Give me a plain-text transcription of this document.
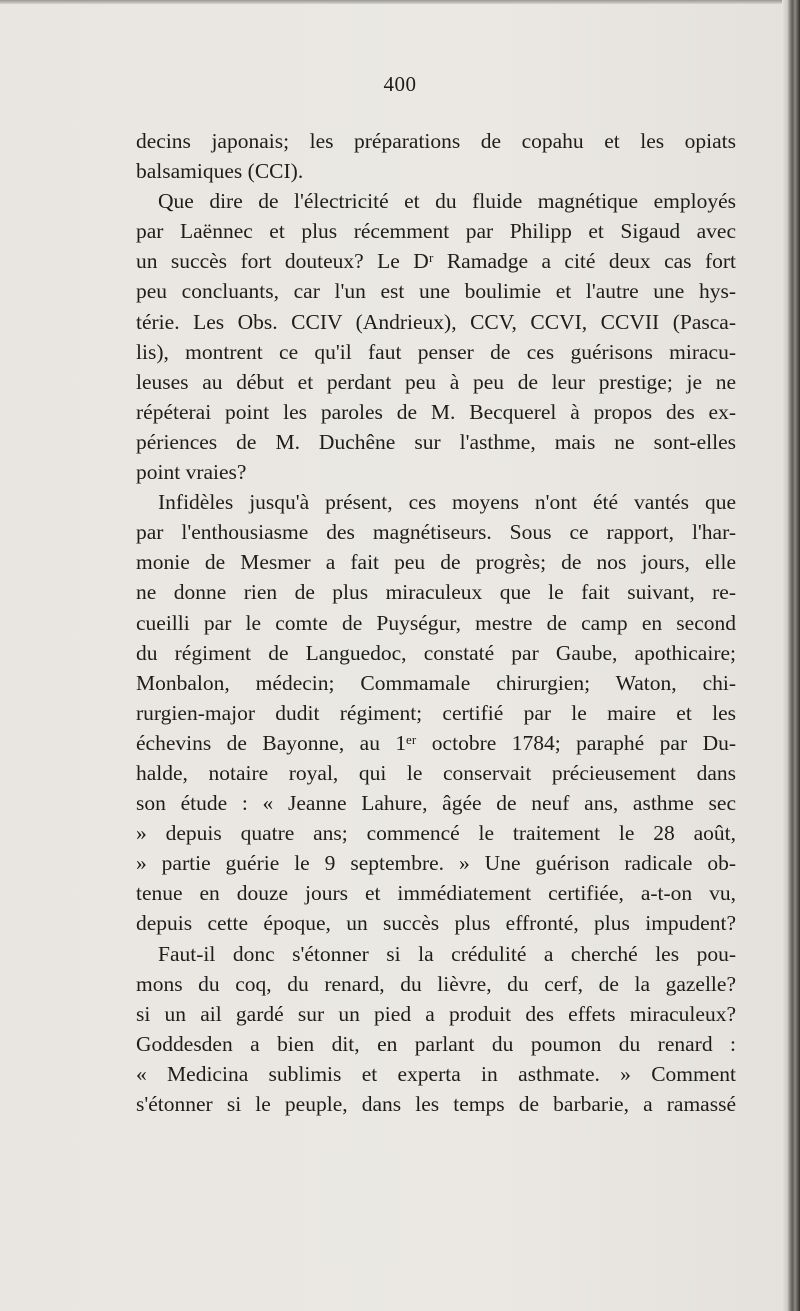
400
decins japonais; les préparations de copahu et les opiats
balsamiques (CCI).
Que dire de l'électricité et du fluide magnétique employés
par Laënnec et plus récemment par Philipp et Sigaud avec
un succès fort douteux? Le Dʳ Ramadge a cité deux cas fort
peu concluants, car l'un est une boulimie et l'autre une hys-
térie. Les Obs. CCIV (Andrieux), CCV, CCVI, CCVII (Pasca-
lis), montrent ce qu'il faut penser de ces guérisons miracu-
leuses au début et perdant peu à peu de leur prestige; je ne
répéterai point les paroles de M. Becquerel à propos des ex-
périences de M. Duchêne sur l'asthme, mais ne sont-elles
point vraies?
Infidèles jusqu'à présent, ces moyens n'ont été vantés que
par l'enthousiasme des magnétiseurs. Sous ce rapport, l'har-
monie de Mesmer a fait peu de progrès; de nos jours, elle
ne donne rien de plus miraculeux que le fait suivant, re-
cueilli par le comte de Puységur, mestre de camp en second
du régiment de Languedoc, constaté par Gaube, apothicaire;
Monbalon, médecin; Commamale chirurgien; Waton, chi-
rurgien-major dudit régiment; certifié par le maire et les
échevins de Bayonne, au 1ᵉʳ octobre 1784; paraphé par Du-
halde, notaire royal, qui le conservait précieusement dans
son étude : « Jeanne Lahure, âgée de neuf ans, asthme sec
» depuis quatre ans; commencé le traitement le 28 août,
» partie guérie le 9 septembre. » Une guérison radicale ob-
tenue en douze jours et immédiatement certifiée, a-t-on vu,
depuis cette époque, un succès plus effronté, plus impudent?
Faut-il donc s'étonner si la crédulité a cherché les pou-
mons du coq, du renard, du lièvre, du cerf, de la gazelle?
si un ail gardé sur un pied a produit des effets miraculeux?
Goddesden a bien dit, en parlant du poumon du renard :
« Medicina sublimis et experta in asthmate. » Comment
s'étonner si le peuple, dans les temps de barbarie, a ramassé
